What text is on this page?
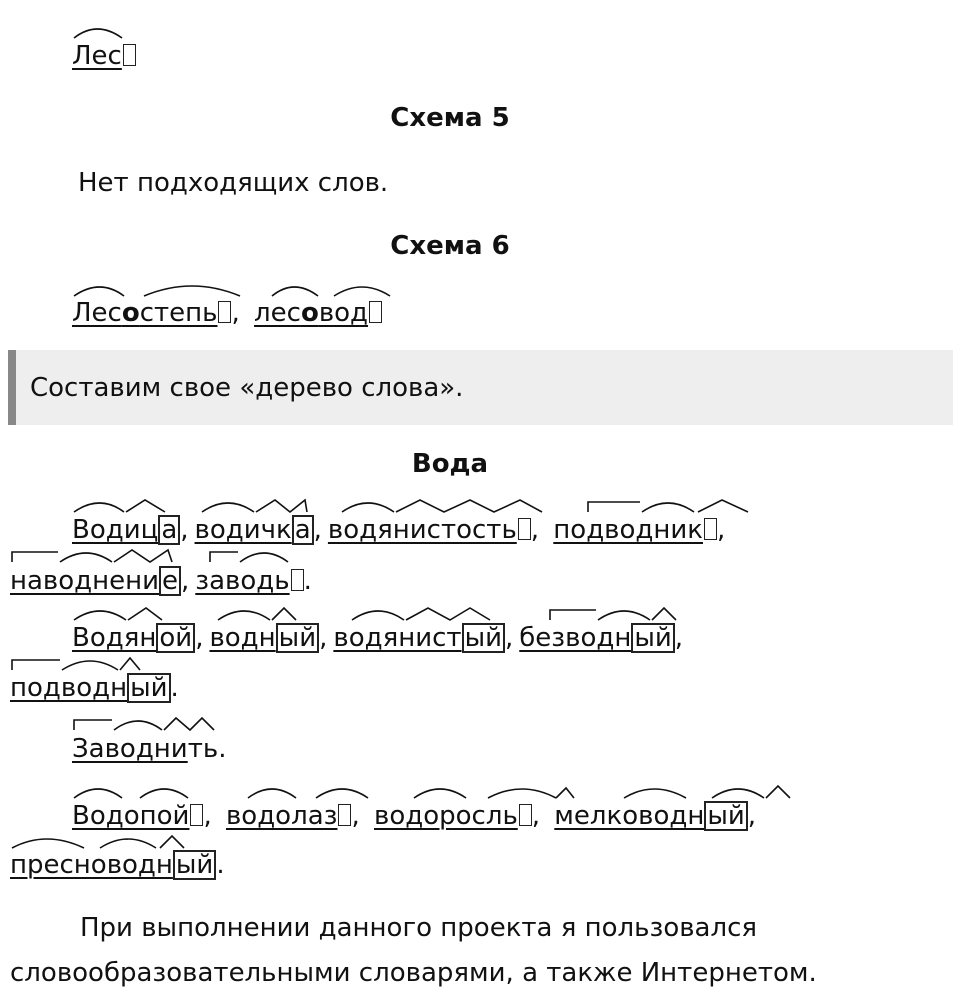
Лес
Схема 5
Нет подходящих слов.
Схема 6
Лесостепь , лесовод
Составим свое «дерево слова».
Вода
Водиц а , водичк а , водянистость , подводник ,
наводнени е , заводь .
Водян ой , водн ый , водянист ый , безводн ый ,
подводн ый .
Заводнить.
Водопой , водолаз , водоросль , мелководн ый ,
пресноводн ый .
При выполнении данного проекта я пользовался
словообразовательными словарями, а также Интернетом.
